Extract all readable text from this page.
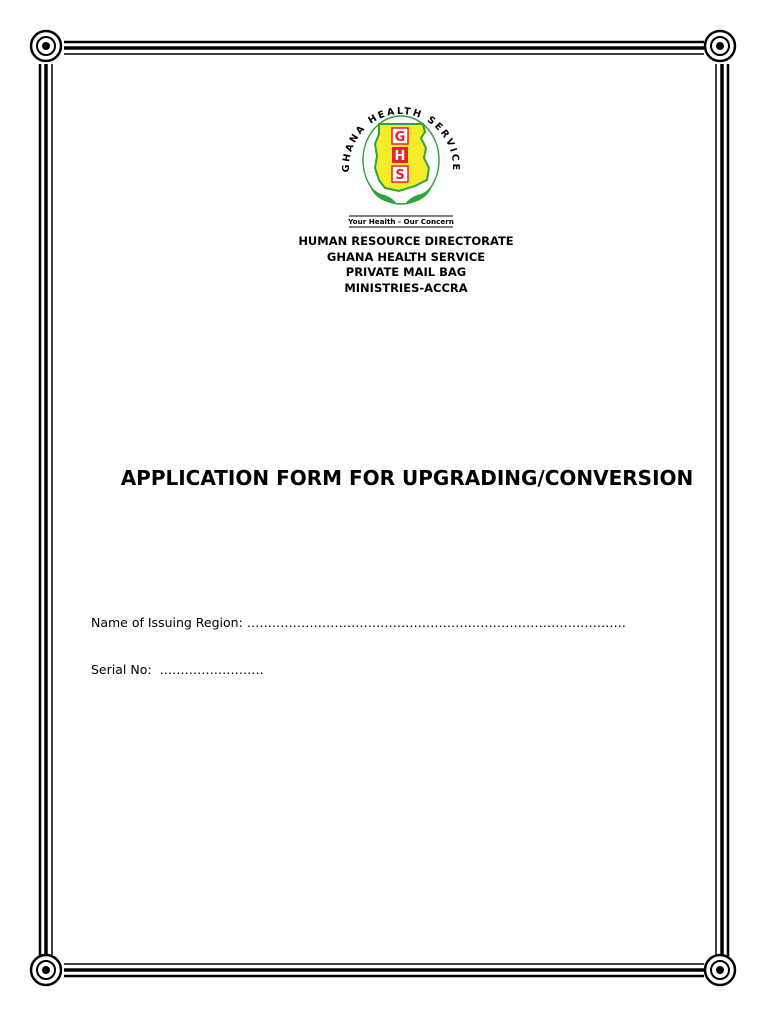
GHANA HEALTH SERVICE
G
H
S
Your Health - Our Concern
HUMAN RESOURCE DIRECTORATE
GHANA HEALTH SERVICE
PRIVATE MAIL BAG
MINISTRIES-ACCRA
APPLICATION FORM FOR UPGRADING/CONVERSION
Name of Issuing Region: ……………………………………………………………………………….
Serial No: …………………….
